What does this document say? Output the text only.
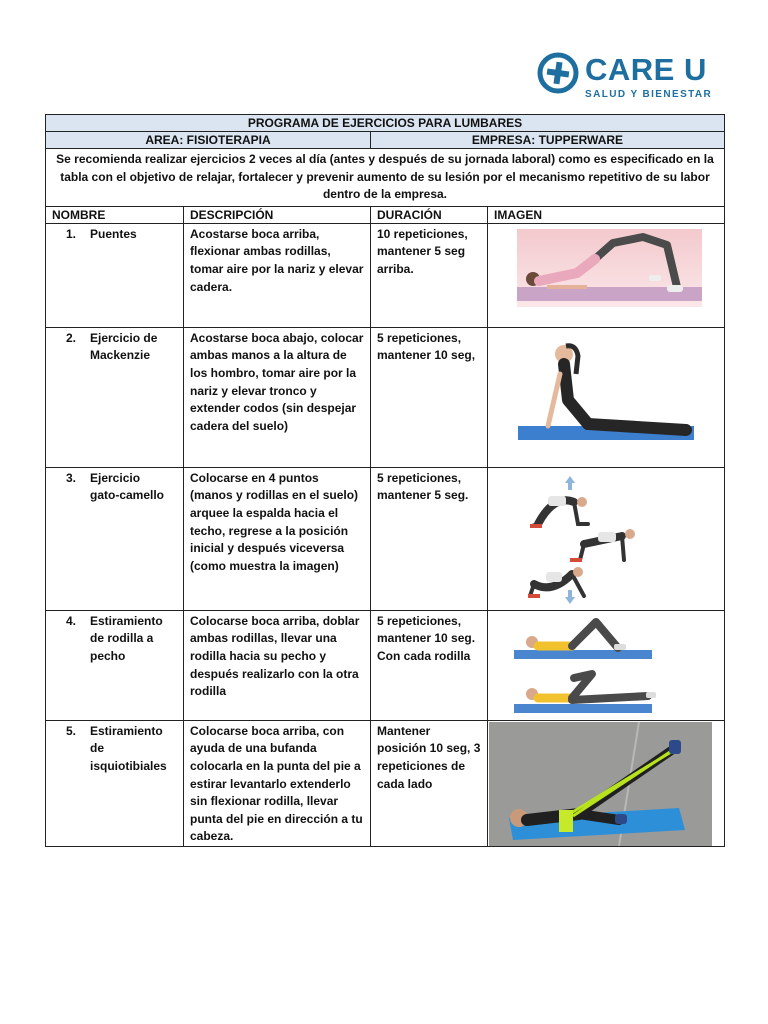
CARE U
SALUD Y BIENESTAR
PROGRAMA DE EJERCICIOS PARA LUMBARES			
AREA: FISIOTERAPIA		EMPRESA: TUPPERWARE	
Se recomienda realizar ejercicios 2 veces al día (antes y después de su jornada laboral) como es especificado en la tabla con el objetivo de relajar, fortalecer y prevenir aumento de su lesión por el mecanismo repetitivo de su labor dentro de la empresa.			
NOMBRE	DESCRIPCIÓN	DURACIÓN	IMAGEN
1. Puentes	Acostarse boca arriba, flexionar ambas rodillas, tomar aire por la nariz y elevar cadera.	10 repeticiones, mantener 5 seg arriba.	

2. Ejercicio de Mackenzie	Acostarse boca abajo, colocar ambas manos a la altura de los hombro, tomar aire por la nariz y elevar tronco y extender codos (sin despejar cadera del suelo)	5 repeticiones, mantener 10 seg,	

3. Ejercicio gato-camello	Colocarse en 4 puntos (manos y rodillas en el suelo) arquee la espalda hacia el techo, regrese a la posición inicial y después viceversa (como muestra la imagen)	5 repeticiones, mantener 5 seg.	

4. Estiramiento de rodilla a pecho	Colocarse boca arriba, doblar ambas rodillas, llevar una rodilla hacia su pecho y después realizarlo con la otra rodilla	5 repeticiones, mantener 10 seg. Con cada rodilla	

5. Estiramiento de isquiotibiales	Colocarse boca arriba, con ayuda de una bufanda colocarla en la punta del pie a estirar levantarlo extenderlo sin flexionar rodilla, llevar punta del pie en dirección a tu cabeza.	Mantener posición 10 seg, 3 repeticiones de cada lado	
